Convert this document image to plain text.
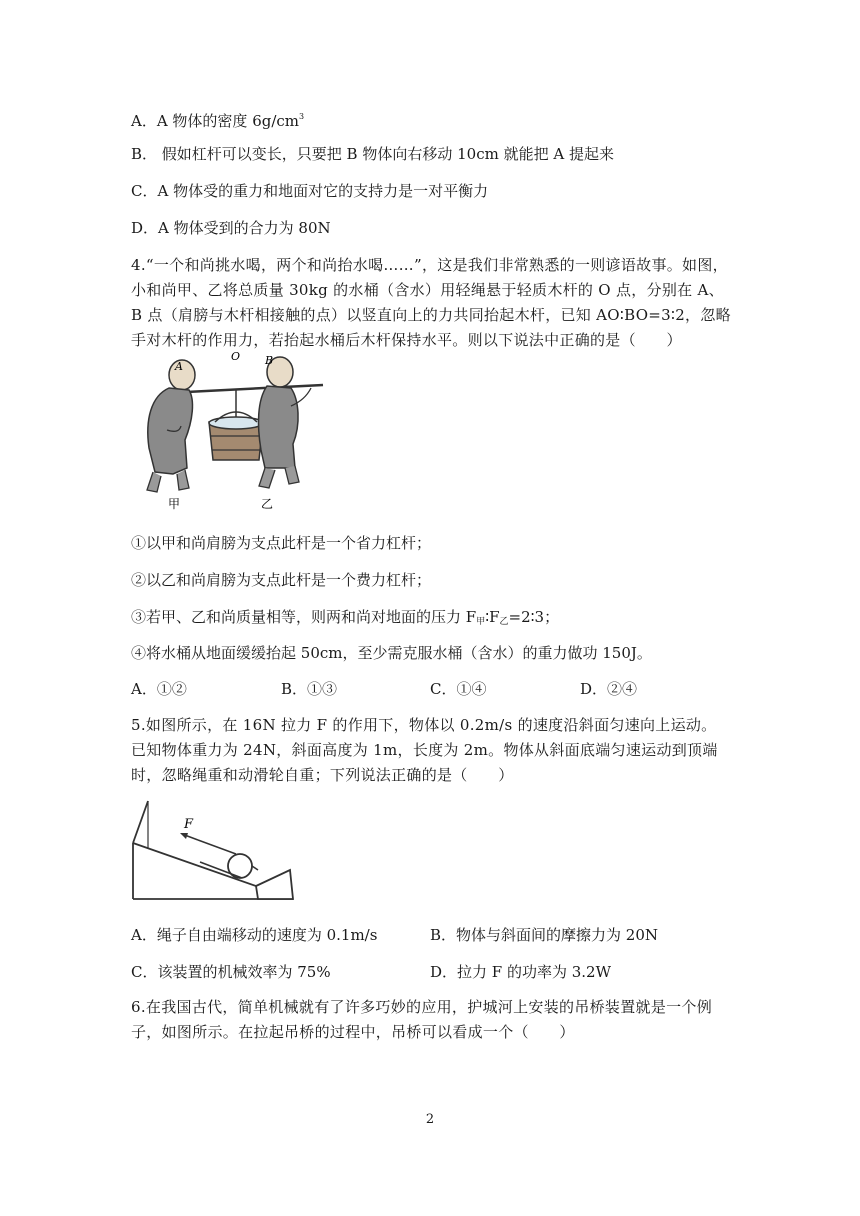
A．A 物体的密度 $6g/cm^3$
B． 假如杠杆可以变长，只要把 B 物体向右移动 10cm 就能把 A 提起来
C．A 物体受的重力和地面对它的支持力是一对平衡力
D．A 物体受到的合力为 80N
4.“一个和尚挑水喝，两个和尚抬水喝……”，这是我们非常熟悉的一则谚语故事。如图，小和尚甲、乙将总质量 30kg 的水桶（含水）用轻绳悬于轻质木杆的 O 点，分别在 A、B 点（肩膀与木杆相接触的点）以竖直向上的力共同抬起木杆，已知 AO∶BO=3∶2，忽略手对木杆的作用力，若抬起水桶后木杆保持水平。则以下说法中正确的是（　　）
A
O B
甲	乙
①以甲和尚肩膀为支点此杆是一个省力杠杆；
②以乙和尚肩膀为支点此杆是一个费力杠杆；
③若甲、乙和尚质量相等，则两和尚对地面的压力 $F_甲∶F_乙=2∶3$；
④将水桶从地面缓缓抬起 50cm，至少需克服水桶（含水）的重力做功 150J。
A．①②	B．①③	C．①④	D．②④
5.如图所示，在 16N 拉力 F 的作用下，物体以 0.2m/s 的速度沿斜面匀速向上运动。已知物体重力为 24N，斜面高度为 1m，长度为 2m。物体从斜面底端匀速运动到顶端时，忽略绳重和动滑轮自重；下列说法正确的是（　　）
F
A．绳子自由端移动的速度为 0.1m/s	B．物体与斜面间的摩擦力为 20N
C．该装置的机械效率为 75%	D．拉力 F 的功率为 3.2W
6.在我国古代，简单机械就有了许多巧妙的应用，护城河上安装的吊桥装置就是一个例子，如图所示。在拉起吊桥的过程中，吊桥可以看成一个（　　）
2
